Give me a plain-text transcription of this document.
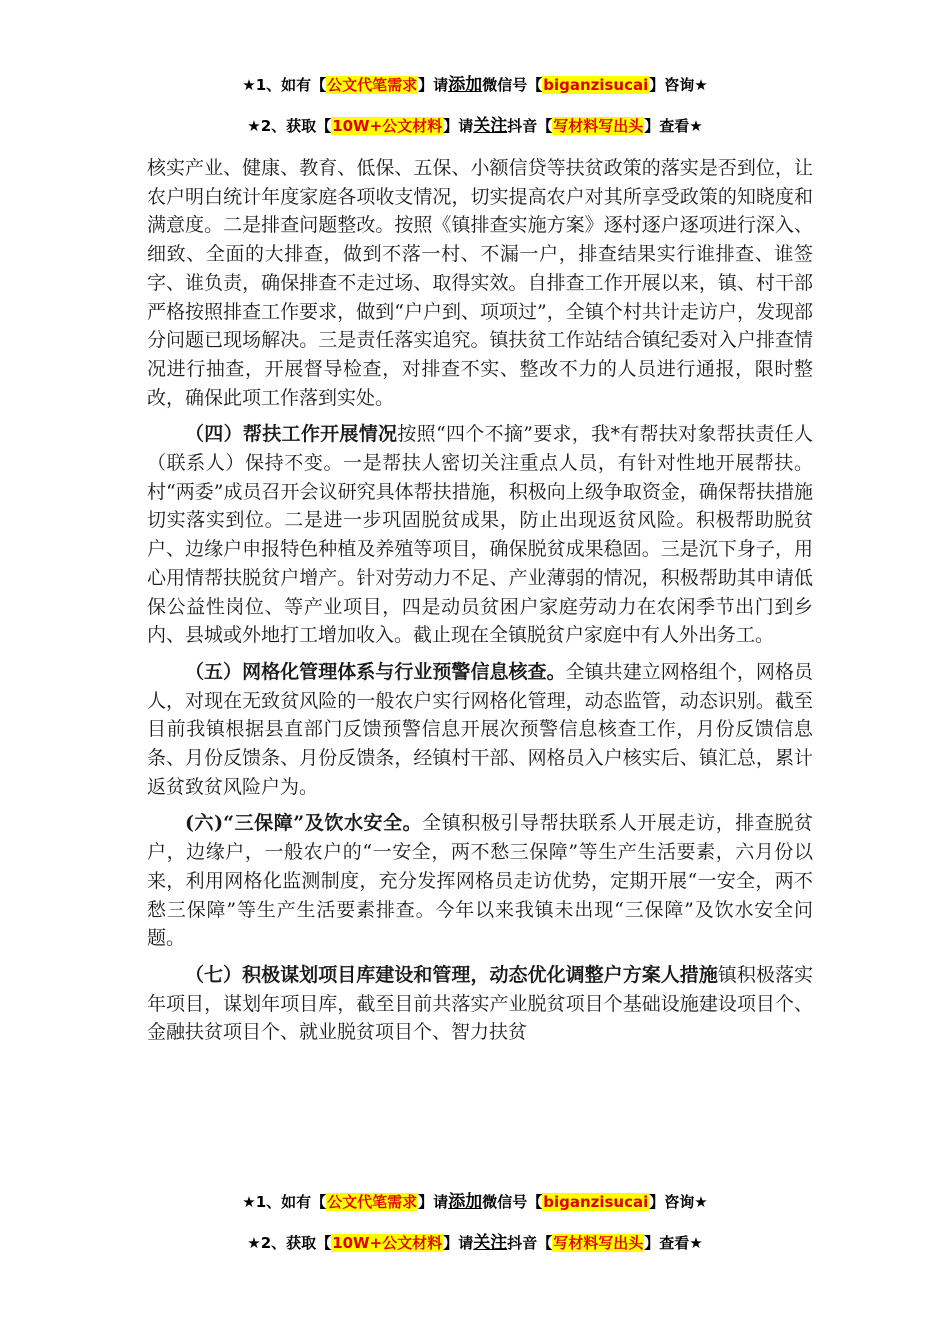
★1、如有【公文代笔需求】请添加微信号【biganzisucai】咨询★
★2、获取【10W+公文材料】请关注抖音【写材料写出头】查看★

核实产业、健康、教育、低保、五保、小额信贷等扶贫政策的落实是否到位，让农户明白统计年度家庭各项收支情况，切实提高农户对其所享受政策的知晓度和满意度。二是排查问题整改。按照《镇排查实施方案》逐村逐户逐项进行深入、细致、全面的大排查，做到不落一村、不漏一户，排查结果实行谁排查、谁签字、谁负责，确保排查不走过场、取得实效。自排查工作开展以来，镇、村干部严格按照排查工作要求，做到“户户到、项项过”，全镇个村共计走访户，发现部分问题已现场解决。三是责任落实追究。镇扶贫工作站结合镇纪委对入户排查情况进行抽查，开展督导检查，对排查不实、整改不力的人员进行通报，限时整改，确保此项工作落到实处。

（四）帮扶工作开展情况按照“四个不摘”要求，我*有帮扶对象帮扶责任人（联系人）保持不变。一是帮扶人密切关注重点人员，有针对性地开展帮扶。村“两委”成员召开会议研究具体帮扶措施，积极向上级争取资金，确保帮扶措施切实落实到位。二是进一步巩固脱贫成果，防止出现返贫风险。积极帮助脱贫户、边缘户申报特色种植及养殖等项目，确保脱贫成果稳固。三是沉下身子，用心用情帮扶脱贫户增产。针对劳动力不足、产业薄弱的情况，积极帮助其申请低保公益性岗位、等产业项目，四是动员贫困户家庭劳动力在农闲季节出门到乡内、县城或外地打工增加收入。截止现在全镇脱贫户家庭中有人外出务工。

（五）网格化管理体系与行业预警信息核查。全镇共建立网格组个，网格员人，对现在无致贫风险的一般农户实行网格化管理，动态监管，动态识别。截至目前我镇根据县直部门反馈预警信息开展次预警信息核查工作，月份反馈信息条、月份反馈条、月份反馈条，经镇村干部、网格员入户核实后、镇汇总，累计返贫致贫风险户为。

(六)“三保障”及饮水安全。全镇积极引导帮扶联系人开展走访，排查脱贫户，边缘户，一般农户的“一安全，两不愁三保障”等生产生活要素，六月份以来，利用网格化监测制度，充分发挥网格员走访优势，定期开展“一安全，两不愁三保障”等生产生活要素排查。今年以来我镇未出现“三保障”及饮水安全问题。

（七）积极谋划项目库建设和管理，动态优化调整户方案人措施镇积极落实年项目，谋划年项目库，截至目前共落实产业脱贫项目个基础设施建设项目个、金融扶贫项目个、就业脱贫项目个、智力扶贫

★1、如有【公文代笔需求】请添加微信号【biganzisucai】咨询★
★2、获取【10W+公文材料】请关注抖音【写材料写出头】查看★
